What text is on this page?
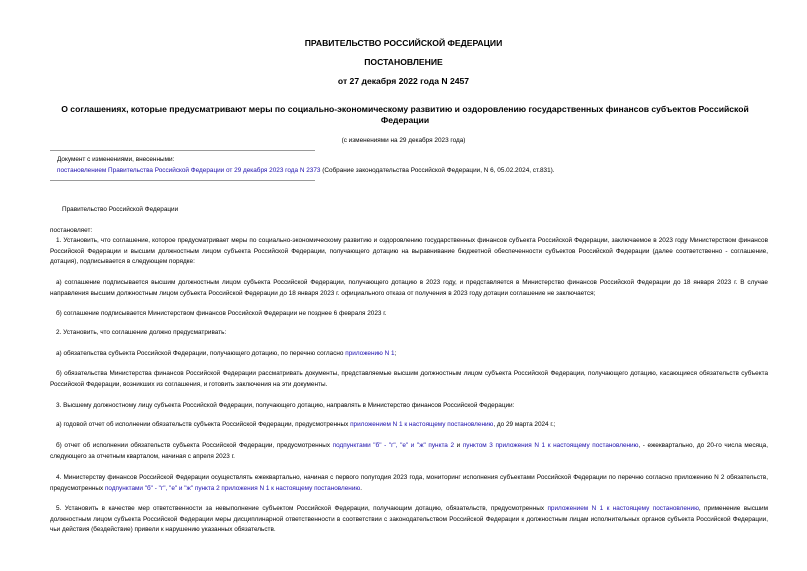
ПРАВИТЕЛЬСТВО РОССИЙСКОЙ ФЕДЕРАЦИИ
ПОСТАНОВЛЕНИЕ
от 27 декабря 2022 года N 2457
О соглашениях, которые предусматривают меры по социально-экономическому развитию и оздоровлению государственных финансов субъектов Российской Федерации
(с изменениями на 29 декабря 2023 года)
Документ с изменениями, внесенными:
постановлением Правительства Российской Федерации от 29 декабря 2023 года N 2373 (Собрание законодательства Российской Федерации, N 6, 05.02.2024, ст.831).
Правительство Российской Федерации
постановляет:
1. Установить, что соглашение, которое предусматривает меры по социально-экономическому развитию и оздоровлению государственных финансов субъекта Российской Федерации, заключаемое в 2023 году Министерством финансов Российской Федерации и высшим должностным лицом субъекта Российской Федерации, получающего дотацию на выравнивание бюджетной обеспеченности субъектов Российской Федерации (далее соответственно - соглашение, дотация), подписывается в следующем порядке:
а) соглашение подписывается высшим должностным лицом субъекта Российской Федерации, получающего дотацию в 2023 году, и представляется в Министерство финансов Российской Федерации до 18 января 2023 г. В случае направления высшим должностным лицом субъекта Российской Федерации до 18 января 2023 г. официального отказа от получения в 2023 году дотации соглашение не заключается;
б) соглашение подписывается Министерством финансов Российской Федерации не позднее 6 февраля 2023 г.
2. Установить, что соглашение должно предусматривать:
а) обязательства субъекта Российской Федерации, получающего дотацию, по перечню согласно приложению N 1;
б) обязательства Министерства финансов Российской Федерации рассматривать документы, представляемые высшим должностным лицом субъекта Российской Федерации, получающего дотацию, касающиеся обязательств субъекта Российской Федерации, возникших из соглашения, и готовить заключения на эти документы.
3. Высшему должностному лицу субъекта Российской Федерации, получающего дотацию, направлять в Министерство финансов Российской Федерации:
а) годовой отчет об исполнении обязательств субъекта Российской Федерации, предусмотренных приложением N 1 к настоящему постановлению, до 29 марта 2024 г.;
б) отчет об исполнении обязательств субъекта Российской Федерации, предусмотренных подпунктами "б" - "г", "е" и "ж" пункта 2 и пунктом 3 приложения N 1 к настоящему постановлению, - ежеквартально, до 20-го числа месяца, следующего за отчетным кварталом, начиная с апреля 2023 г.
4. Министерству финансов Российской Федерации осуществлять ежеквартально, начиная с первого полугодия 2023 года, мониторинг исполнения субъектами Российской Федерации по перечню согласно приложению N 2 обязательств, предусмотренных подпунктами "б" - "г", "е" и "ж" пункта 2 приложения N 1 к настоящему постановлению.
5. Установить в качестве мер ответственности за невыполнение субъектом Российской Федерации, получающим дотацию, обязательств, предусмотренных приложением N 1 к настоящему постановлению, применение высшим должностным лицом субъекта Российской Федерации меры дисциплинарной ответственности в соответствии с законодательством Российской Федерации к должностным лицам исполнительных органов субъекта Российской Федерации, чьи действия (бездействие) привели к нарушению указанных обязательств.
